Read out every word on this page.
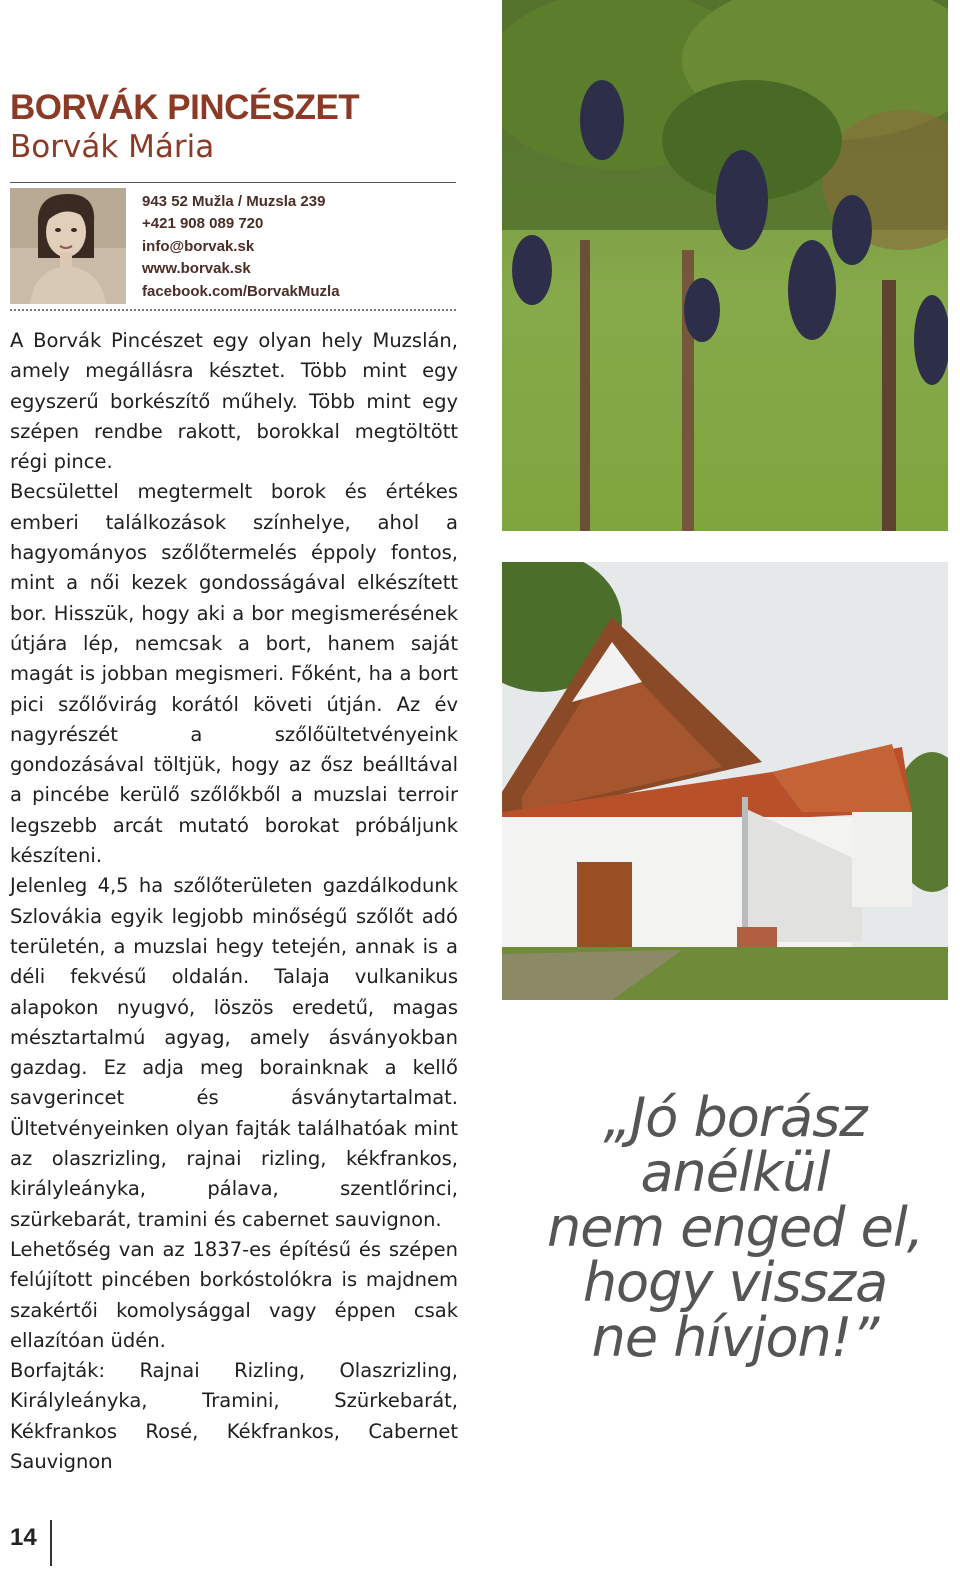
BORVÁK PINCÉSZET
Borvák Mária
943 52 Mužla / Muzsla 239
+421 908 089 720
info@borvak.sk
www.borvak.sk
facebook.com/BorvakMuzla

A Borvák Pincészet egy olyan hely Muzslán, amely megállásra késztet. Több mint egy egyszerű borkészítő műhely. Több mint egy szépen rendbe rakott, borokkal megtöltött régi pince.

Becsülettel megtermelt borok és értékes emberi találkozások színhelye, ahol a hagyományos szőlőtermelés éppoly fontos, mint a női kezek gondosságával elkészített bor. Hisszük, hogy aki a bor megismerésének útjára lép, nemcsak a bort, hanem saját magát is jobban megismeri. Főként, ha a bort pici szőlővirág korától követi útján. Az év nagyrészét a szőlőültetvényeink gondozásával töltjük, hogy az ősz beálltával a pincébe kerülő szőlőkből a muzslai terroir legszebb arcát mutató borokat próbáljunk készíteni.

Jelenleg 4,5 ha szőlőterületen gazdálkodunk Szlovákia egyik legjobb minőségű szőlőt adó területén, a muzslai hegy tetején, annak is a déli fekvésű oldalán. Talaja vulkanikus alapokon nyugvó, löszös eredetű, magas mésztartalmú agyag, amely ásványokban gazdag. Ez adja meg borainknak a kellő savgerincet és ásványtartalmat. Ültetvényeinken olyan fajták találhatóak mint az olaszrizling, rajnai rizling, kékfrankos, királyleányka, pálava, szentlőrinci, szürkebarát, tramini és cabernet sauvignon.

Lehetőség van az 1837-es építésű és szépen felújított pincében borkóstolókra is majdnem szakértői komolysággal vagy éppen csak ellazítóan üdén.

Borfajták: Rajnai Rizling, Olaszrizling, Királyleányka, Tramini, Szürkebarát, Kékfrankos Rosé, Kékfrankos, Cabernet Sauvignon

„Jó borász
anélkül
nem enged el,
hogy vissza
ne hívjon!”
14
